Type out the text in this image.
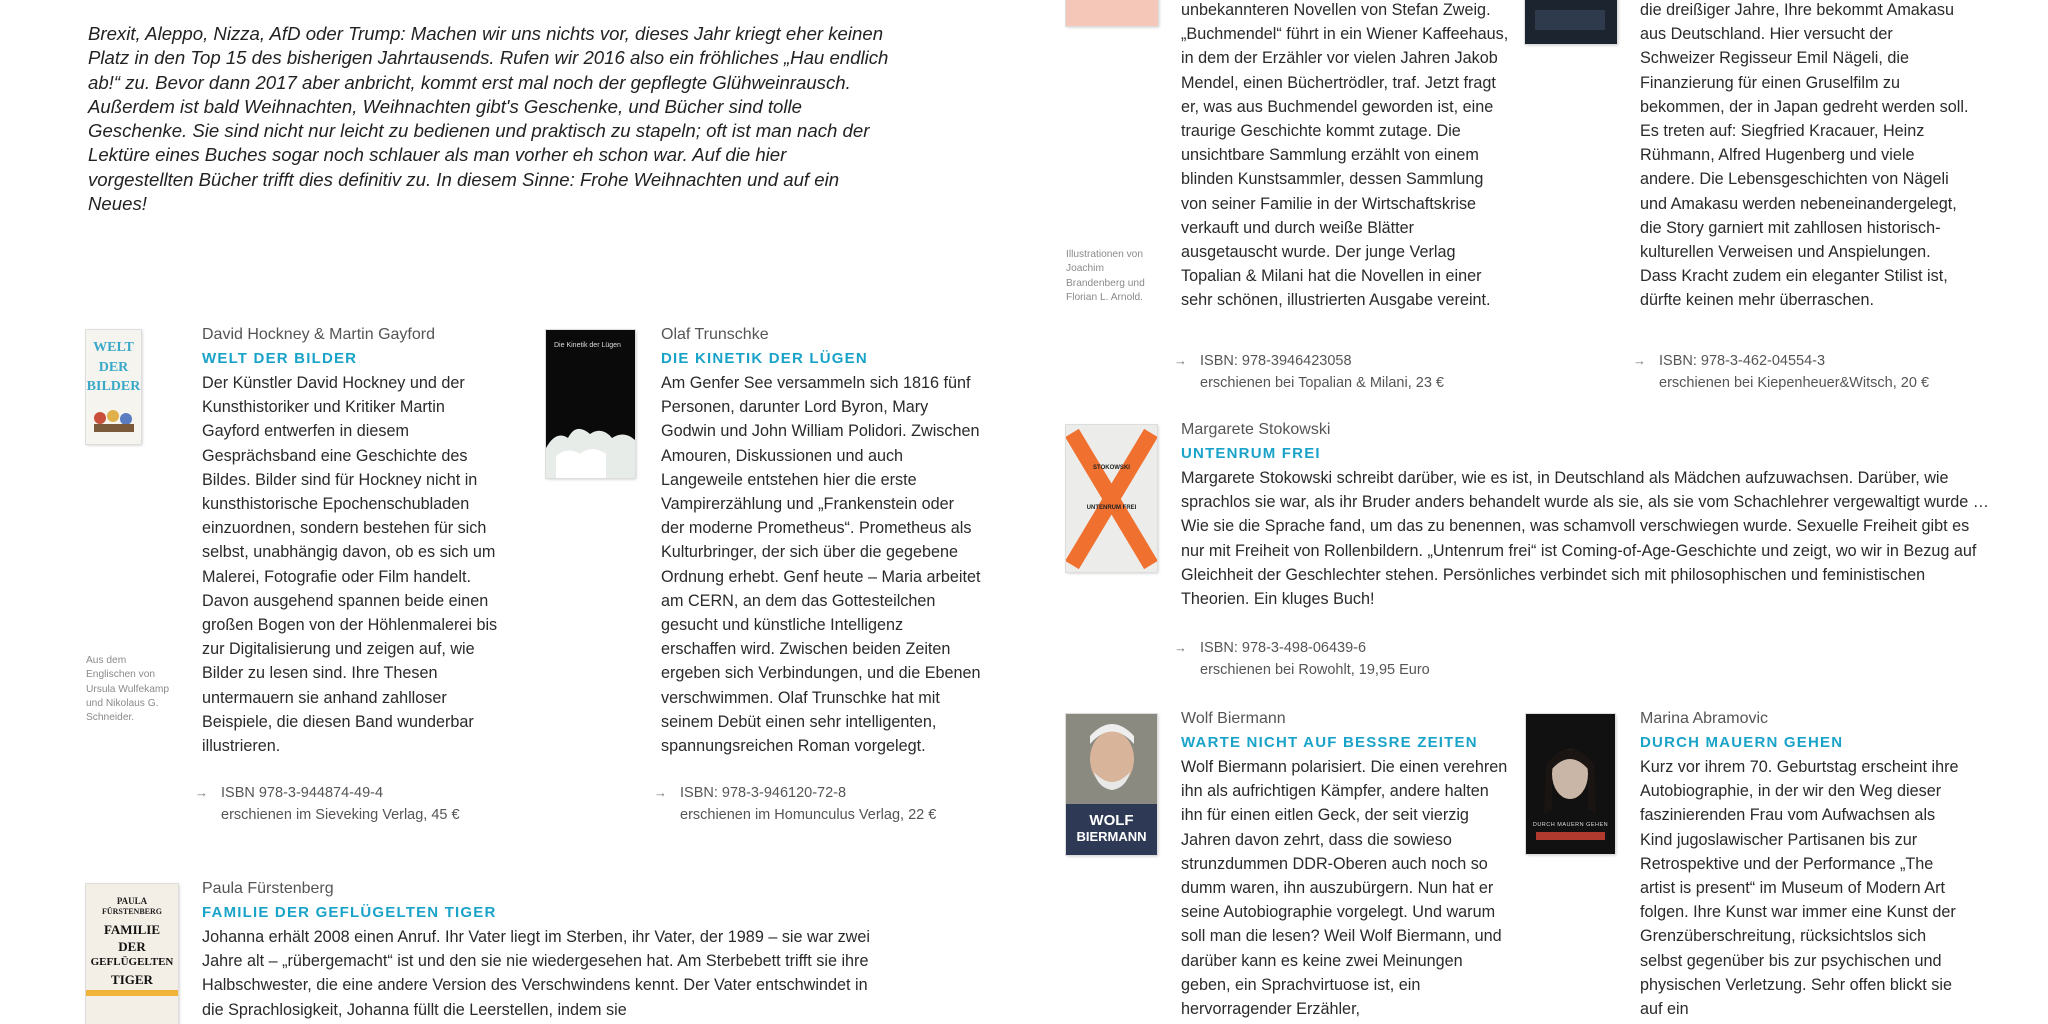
Brexit, Aleppo, Nizza, AfD oder Trump: Machen wir uns nichts vor, dieses Jahr kriegt eher keinen Platz in den Top 15 des bisherigen Jahrtausends. Rufen wir 2016 also ein fröhliches „Hau endlich ab!“ zu. Bevor dann 2017 aber anbricht, kommt erst mal noch der gepflegte Glühweinrausch. Außerdem ist bald Weihnachten, Weihnachten gibt's Geschenke, und Bücher sind tolle Geschenke. Sie sind nicht nur leicht zu bedienen und praktisch zu stapeln; oft ist man nach der Lektüre eines Buches sogar noch schlauer als man vorher eh schon war. Auf die hier vorgestellten Bücher trifft dies definitiv zu. In diesem Sinne: Frohe Weihnachten und auf ein Neues!

WELT
DER
BILDER
Aus dem Englischen von Ursula Wulfekamp und Nikolaus G. Schneider.
David Hockney & Martin Gayford
WELT DER BILDER
Der Künstler David Hockney und der Kunsthistoriker und Kritiker Martin Gayford entwerfen in diesem Gesprächsband eine Geschichte des Bildes. Bilder sind für Hockney nicht in kunsthistorische Epochenschubladen einzuordnen, sondern bestehen für sich selbst, unabhängig davon, ob es sich um Malerei, Fotografie oder Film handelt. Davon ausgehend spannen beide einen großen Bogen von der Höhlenmalerei bis zur Digitalisierung und zeigen auf, wie Bilder zu lesen sind. Ihre Thesen untermauern sie anhand zahlloser Beispiele, die diesen Band wunderbar illustrieren.
→ ISBN 978-3-944874-49-4
erschienen im Sieveking Verlag, 45 €
Die Kinetik der Lügen
Olaf Trunschke
DIE KINETIK DER LÜGEN
Am Genfer See versammeln sich 1816 fünf Personen, darunter Lord Byron, Mary Godwin und John William Polidori. Zwischen Amouren, Diskussionen und auch Langeweile entstehen hier die erste Vampirerzählung und „Frankenstein oder der moderne Prometheus“. Prometheus als Kulturbringer, der sich über die gegebene Ordnung erhebt. Genf heute – Maria arbeitet am CERN, an dem das Gottesteilchen gesucht und künstliche Intelligenz erschaffen wird. Zwischen beiden Zeiten ergeben sich Verbindungen, und die Ebenen verschwimmen. Olaf Trunschke hat mit seinem Debüt einen sehr intelligenten, spannungsreichen Roman vorgelegt.
→ ISBN: 978-3-946120-72-8
erschienen im Homunculus Verlag, 22 €
PAULA
FÜRSTENBERG
FAMILIE
DER
GEFLÜGELTEN
TIGER
Paula Fürstenberg
FAMILIE DER GEFLÜGELTEN TIGER
Johanna erhält 2008 einen Anruf. Ihr Vater liegt im Sterben, ihr Vater, der 1989 – sie war zwei Jahre alt – „rübergemacht“ ist und den sie nie wiedergesehen hat. Am Sterbebett trifft sie ihre Halbschwester, die eine andere Version des Verschwindens kennt. Der Vater entschwindet in die Sprachlosigkeit, Johanna füllt die Leerstellen, indem sie
Illustrationen von Joachim Brandenberg und Florian L. Arnold.
unbekannteren Novellen von Stefan Zweig. „Buchmendel“ führt in ein Wiener Kaffeehaus, in dem der Erzähler vor vielen Jahren Jakob Mendel, einen Büchertrödler, traf. Jetzt fragt er, was aus Buchmendel geworden ist, eine traurige Geschichte kommt zutage. Die unsichtbare Sammlung erzählt von einem blinden Kunstsammler, dessen Sammlung von seiner Familie in der Wirtschaftskrise verkauft und durch weiße Blätter ausgetauscht wurde. Der junge Verlag Topalian & Milani hat die Novellen in einer sehr schönen, illustrierten Ausgabe vereint.
→ ISBN: 978-3946423058
erschienen bei Topalian & Milani, 23 €
die dreißiger Jahre, Ihre bekommt Amakasu aus Deutschland. Hier versucht der Schweizer Regisseur Emil Nägeli, die Finanzierung für einen Gruselfilm zu bekommen, der in Japan gedreht werden soll. Es treten auf: Siegfried Kracauer, Heinz Rühmann, Alfred Hugenberg und viele andere. Die Lebensgeschichten von Nägeli und Amakasu werden nebeneinandergelegt, die Story garniert mit zahllosen historisch-kulturellen Verweisen und Anspielungen. Dass Kracht zudem ein eleganter Stilist ist, dürfte keinen mehr überraschen.
→ ISBN: 978-3-462-04554-3
erschienen bei Kiepenheuer&Witsch, 20 €
STOKOWSKI
UNTENRUM FREI
Margarete Stokowski
UNTENRUM FREI
Margarete Stokowski schreibt darüber, wie es ist, in Deutschland als Mädchen aufzuwachsen. Darüber, wie sprachlos sie war, als ihr Bruder anders behandelt wurde als sie, als sie vom Schachlehrer vergewaltigt wurde … Wie sie die Sprache fand, um das zu benennen, was schamvoll verschwiegen wurde. Sexuelle Freiheit gibt es nur mit Freiheit von Rollenbildern. „Untenrum frei“ ist Coming-of-Age-Geschichte und zeigt, wo wir in Bezug auf Gleichheit der Geschlechter stehen. Persönliches verbindet sich mit philosophischen und feministischen Theorien. Ein kluges Buch!
→ ISBN: 978-3-498-06439-6
erschienen bei Rowohlt, 19,95 Euro
WOLF
BIERMANN
Wolf Biermann
WARTE NICHT AUF BESSRE ZEITEN
Wolf Biermann polarisiert. Die einen verehren ihn als aufrichtigen Kämpfer, andere halten ihn für einen eitlen Geck, der seit vierzig Jahren davon zehrt, dass die sowieso strunzdummen DDR-Oberen auch noch so dumm waren, ihn auszubürgern. Nun hat er seine Autobiographie vorgelegt. Und warum soll man die lesen? Weil Wolf Biermann, und darüber kann es keine zwei Meinungen geben, ein Sprachvirtuose ist, ein hervorragender Erzähler,
DURCH MAUERN GEHEN
Marina Abramovic
DURCH MAUERN GEHEN
Kurz vor ihrem 70. Geburtstag erscheint ihre Autobiographie, in der wir den Weg dieser faszinierenden Frau vom Aufwachsen als Kind jugoslawischer Partisanen bis zur Retrospektive und der Performance „The artist is present“ im Museum of Modern Art folgen. Ihre Kunst war immer eine Kunst der Grenzüberschreitung, rücksichtslos sich selbst gegenüber bis zur psychischen und physischen Verletzung. Sehr offen blickt sie auf ein
